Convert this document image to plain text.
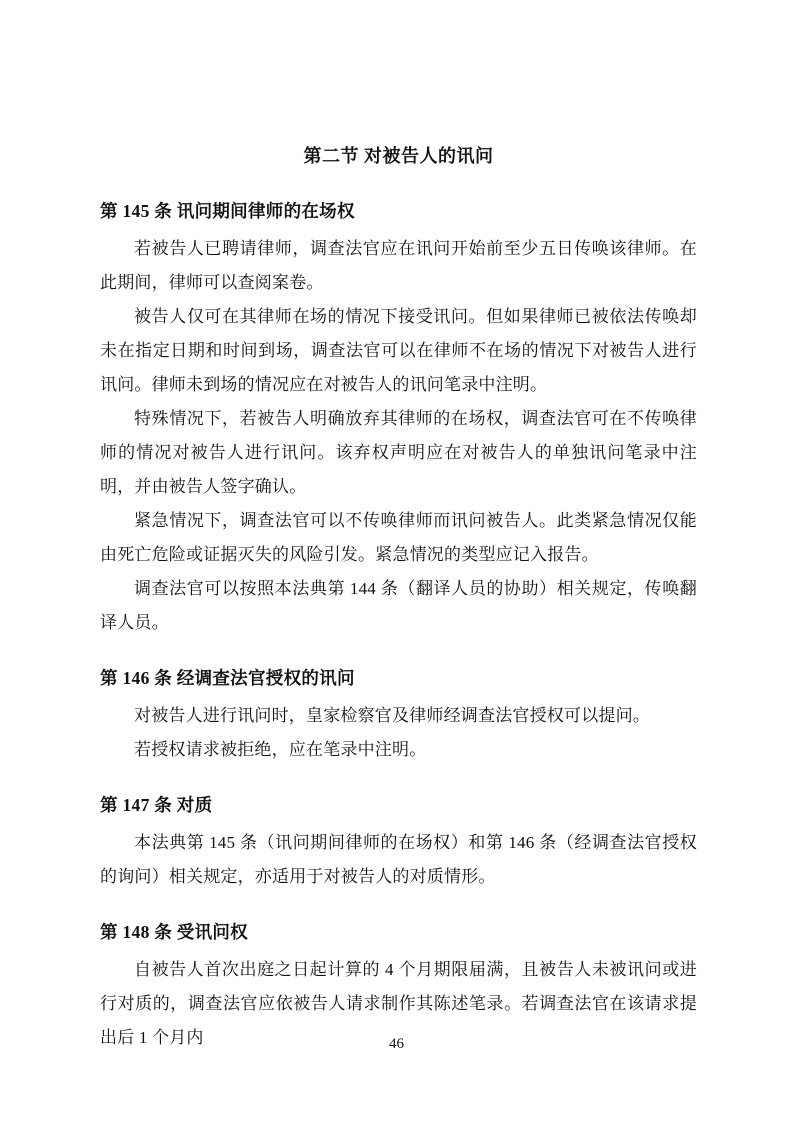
第二节 对被告人的讯问
第 145 条 讯问期间律师的在场权

若被告人已聘请律师，调查法官应在讯问开始前至少五日传唤该律师。在此期间，律师可以查阅案卷。

被告人仅可在其律师在场的情况下接受讯问。但如果律师已被依法传唤却未在指定日期和时间到场，调查法官可以在律师不在场的情况下对被告人进行讯问。律师未到场的情况应在对被告人的讯问笔录中注明。

特殊情况下，若被告人明确放弃其律师的在场权，调查法官可在不传唤律师的情况对被告人进行讯问。该弃权声明应在对被告人的单独讯问笔录中注明，并由被告人签字确认。

紧急情况下，调查法官可以不传唤律师而讯问被告人。此类紧急情况仅能由死亡危险或证据灭失的风险引发。紧急情况的类型应记入报告。

调查法官可以按照本法典第 144 条（翻译人员的协助）相关规定，传唤翻译人员。

第 146 条 经调查法官授权的讯问

对被告人进行讯问时，皇家检察官及律师经调查法官授权可以提问。

若授权请求被拒绝，应在笔录中注明。

第 147 条 对质

本法典第 145 条（讯问期间律师的在场权）和第 146 条（经调查法官授权的询问）相关规定，亦适用于对被告人的对质情形。

第 148 条 受讯问权

自被告人首次出庭之日起计算的 4 个月期限届满，且被告人未被讯问或进行对质的，调查法官应依被告人请求制作其陈述笔录。若调查法官在该请求提出后 1 个月内	46
